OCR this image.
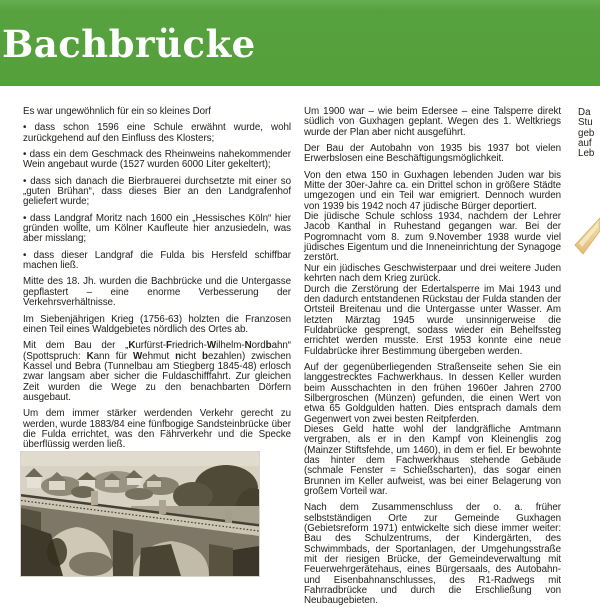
Bachbrücke

Es war ungewöhnlich für ein so kleines Dorf

• dass schon 1596 eine Schule erwähnt wurde, wohl zurückgehend auf den Einfluss des Klosters;

• dass ein dem Geschmack des Rheinweins nahekommender Wein angebaut wurde (1527 wurden 6000 Liter gekeltert);

• dass sich danach die Bierbrauerei durchsetzte mit einer so „guten Brühan“, dass dieses Bier an den Landgrafenhof geliefert wurde;

• dass Landgraf Moritz nach 1600 ein „Hessisches Köln“ hier gründen wollte, um Kölner Kaufleute hier anzusiedeln, was aber misslang;

• dass dieser Landgraf die Fulda bis Hersfeld schiffbar machen ließ.

Mitte des 18. Jh. wurden die Bachbrücke und die Untergasse gepflastert – eine enorme Verbesserung der Verkehrsverhältnisse.

Im Siebenjährigen Krieg (1756-63) holzten die Franzosen einen Teil eines Waldgebietes nördlich des Ortes ab.

Mit dem Bau der „Kurfürst-Friedrich-Wilhelm-Nordbahn“ (Spottspruch: Kann für Wehmut nicht bezahlen) zwischen Kassel und Bebra (Tunnelbau am Stiegberg 1845-48) erlosch zwar langsam aber sicher die Fuldaschifffahrt. Zur gleichen Zeit wurden die Wege zu den benachbarten Dörfern ausgebaut.

Um dem immer stärker werdenden Verkehr gerecht zu werden, wurde 1883/84 eine fünfbogige Sandsteinbrücke über die Fulda errichtet, was den Fährverkehr und die Specke überflüssig werden ließ.

Um 1900 war – wie beim Edersee – eine Talsperre direkt südlich von Guxhagen geplant. Wegen des 1. Weltkriegs wurde der Plan aber nicht ausgeführt.

Der Bau der Autobahn von 1935 bis 1937 bot vielen Erwerbslosen eine Beschäftigungsmöglichkeit.

Von den etwa 150 in Guxhagen lebenden Juden war bis Mitte der 30er-Jahre ca. ein Drittel schon in größere Städte umgezogen und ein Teil war emigriert. Dennoch wurden von 1939 bis 1942 noch 47 jüdische Bürger deportiert.

Die jüdische Schule schloss 1934, nachdem der Lehrer Jacob Kanthal in Ruhestand gegangen war. Bei der Pogromnacht vom 8. zum 9.November 1938 wurde viel jüdisches Eigentum und die Inneneinrichtung der Synagoge zerstört.

Nur ein jüdisches Geschwisterpaar und drei weitere Juden kehrten nach dem Krieg zurück.

Durch die Zerstörung der Edertalsperre im Mai 1943 und den dadurch entstandenen Rückstau der Fulda standen der Ortsteil Breitenau und die Untergasse unter Wasser. Am letzten Märztag 1945 wurde unsinnigerweise die Fuldabrücke gesprengt, sodass wieder ein Behelfssteg errichtet werden musste. Erst 1953 konnte eine neue Fuldabrücke ihrer Bestimmung übergeben werden.

Auf der gegenüberliegenden Straßenseite sehen Sie ein langgestrecktes Fachwerkhaus. In dessen Keller wurden beim Ausschachten in den frühen 1960er Jahren 2700 Silbergroschen (Münzen) gefunden, die einen Wert von etwa 65 Goldgulden hatten. Dies entsprach damals dem Gegenwert von zwei besten Reitpferden.

Dieses Geld hatte wohl der landgräfliche Amtmann vergraben, als er in den Kampf von Kleinenglis zog (Mainzer Stiftsfehde, um 1460), in dem er fiel. Er bewohnte das hinter dem Fachwerkhaus stehende Gebäude (schmale Fenster = Schießscharten), das sogar einen Brunnen im Keller aufweist, was bei einer Belagerung von großem Vorteil war.

Nach dem Zusammenschluss der o. a. früher selbstständigen Orte zur Gemeinde Guxhagen (Gebietsreform 1971) entwickelte sich diese immer weiter: Bau des Schulzentrums, der Kindergärten, des Schwimmbads, der Sportanlagen, der Umgehungsstraße mit der riesigen Brücke, der Gemeindeverwaltung mit Feuerwehrgerätehaus, eines Bürgersaals, des Autobahn- und Eisenbahnanschlusses, des R1-Radwegs mit Fahrradbrücke und durch die Erschließung von Neubaugebieten.

Da
Stu
geb
auf
Leb
